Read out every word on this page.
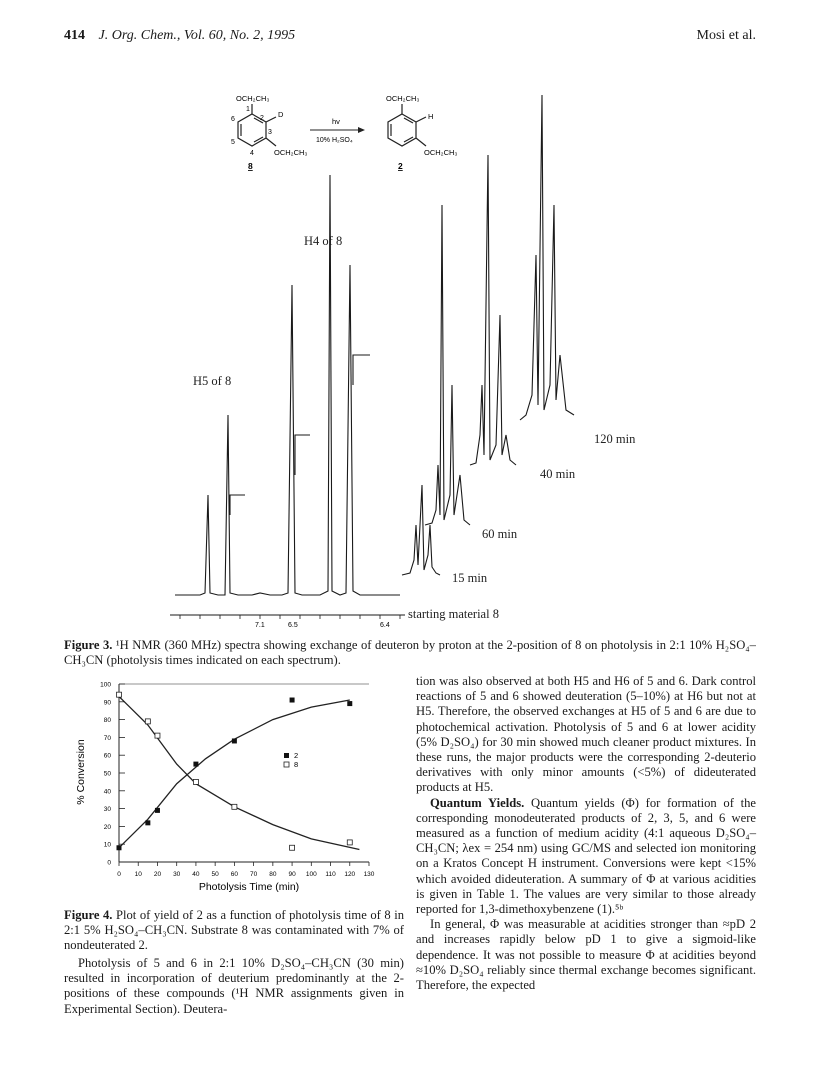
414 J. Org. Chem., Vol. 60, No. 2, 1995	Mosi et al.
OCH₂CH₃
D
OCH₂CH₃
1
2
3
4
5
6
8
hv
10% H₂SO₄
OCH₂CH₃
H
OCH₂CH₃
2
7.1	6.5	6.4
H4 of 8
H5 of 8
120 min
40 min
60 min
15 min
starting material 8
Figure 3. ¹H NMR (360 MHz) spectra showing exchange of deuteron by proton at the 2-position of 8 on photolysis in 2:1 10% H₂SO₄–CH₃CN (photolysis times indicated on each spectrum).
0 10 20 30 40 50 60 70 80 90 100 110 120 130
0
10
20
30
40
50
60
70
80
90
100
2
8
Photolysis Time (min)
% Conversion
Figure 4. Plot of yield of 2 as a function of photolysis time of 8 in 2:1 5% H₂SO₄–CH₃CN. Substrate 8 was contaminated with 7% of nondeuterated 2.

Photolysis of 5 and 6 in 2:1 10% D₂SO₄–CH₃CN (30 min) resulted in incorporation of deuterium predominantly at the 2-positions of these compounds (¹H NMR assignments given in Experimental Section). Deutera-

tion was also observed at both H5 and H6 of 5 and 6. Dark control reactions of 5 and 6 showed deuteration (5–10%) at H6 but not at H5. Therefore, the observed exchanges at H5 of 5 and 6 are due to photochemical activation. Photolysis of 5 and 6 at lower acidity (5% D₂SO₄) for 30 min showed much cleaner product mixtures. In these runs, the major products were the corresponding 2-deuterio derivatives with only minor amounts (<5%) of dideuterated products at H5.

Quantum Yields. Quantum yields (Φ) for formation of the corresponding monodeuterated products of 2, 3, 5, and 6 were measured as a function of medium acidity (4:1 aqueous D₂SO₄–CH₃CN; λex = 254 nm) using GC/MS and selected ion monitoring on a Kratos Concept H instrument. Conversions were kept <15% which avoided dideuteration. A summary of Φ at various acidities is given in Table 1. The values are very similar to those already reported for 1,3-dimethoxybenzene (1).⁵ᵇ

In general, Φ was measurable at acidities stronger than ≈pD 2 and increases rapidly below pD 1 to give a sigmoid-like dependence. It was not possible to measure Φ at acidities beyond ≈10% D₂SO₄ reliably since thermal exchange becomes significant. Therefore, the expected
